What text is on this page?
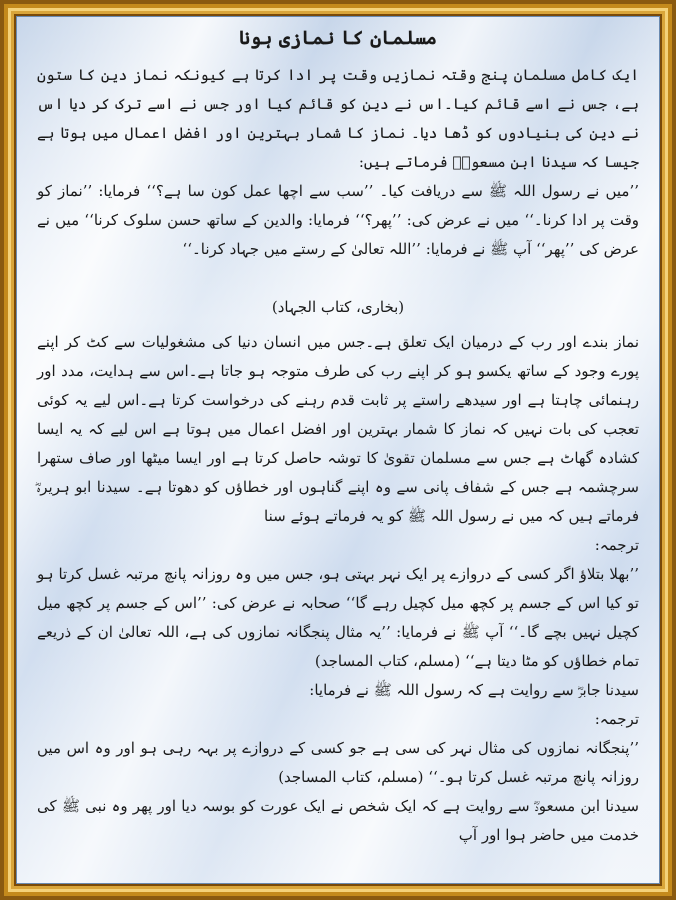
مسلمان کا نمازی ہونا

ایک کامل مسلمان پنج وقتہ نمازیں وقت پر ادا کرتا ہے کیونکہ نماز دین کا ستون ہے، جس نے اسے قائم کیا۔اس نے دین کو قائم کیا اور جس نے اسے ترک کر دیا اس نے دین کی بنیادوں کو ڈھا دیا۔ نماز کا شمار بہترین اور افضل اعمال میں ہوتا ہے جیسا کہ سیدنا ابن مسعودؓ فرماتے ہیں:

’’میں نے رسول اللہ ﷺ سے دریافت کیا۔ ’’سب سے اچھا عمل کون سا ہے؟‘‘ فرمایا: ’’نماز کو وقت پر ادا کرنا۔‘‘ میں نے عرض کی: ’’پھر؟‘‘ فرمایا: والدین کے ساتھ حسن سلوک کرنا‘‘ میں نے عرض کی ’’پھر‘‘ آپ ﷺ نے فرمایا: ’’اللہ تعالیٰ کے رستے میں جہاد کرنا۔‘‘

(بخاری، کتاب الجہاد)

نماز بندے اور رب کے درمیان ایک تعلق ہے۔جس میں انسان دنیا کی مشغولیات سے کٹ کر اپنے پورے وجود کے ساتھ یکسو ہو کر اپنے رب کی طرف متوجہ ہو جاتا ہے۔اس سے ہدایت، مدد اور رہنمائی چاہتا ہے اور سیدھے راستے پر ثابت قدم رہنے کی درخواست کرتا ہے۔اس لیے یہ کوئی تعجب کی بات نہیں کہ نماز کا شمار بہترین اور افضل اعمال میں ہوتا ہے اس لیے کہ یہ ایسا کشادہ گھاٹ ہے جس سے مسلمان تقویٰ کا توشہ حاصل کرتا ہے اور ایسا میٹھا اور صاف ستھرا سرچشمہ ہے جس کے شفاف پانی سے وہ اپنے گناہوں اور خطاؤں کو دھوتا ہے۔ سیدنا ابو ہریرہؓ فرماتے ہیں کہ میں نے رسول اللہ ﷺ کو یہ فرماتے ہوئے سنا

ترجمہ:

’’بھلا بتلاؤ اگر کسی کے دروازے پر ایک نہر بہتی ہو، جس میں وہ روزانہ پانچ مرتبہ غسل کرتا ہو تو کیا اس کے جسم پر کچھ میل کچیل رہے گا‘‘ صحابہ نے عرض کی: ’’اس کے جسم پر کچھ میل کچیل نہیں بچے گا۔‘‘ آپ ﷺ نے فرمایا: ’’یہ مثال پنجگانہ نمازوں کی ہے، اللہ تعالیٰ ان کے ذریعے تمام خطاؤں کو مٹا دیتا ہے‘‘ (مسلم، کتاب المساجد)

سیدنا جابرؓ سے روایت ہے کہ رسول اللہ ﷺ نے فرمایا:

ترجمہ:

’’پنجگانہ نمازوں کی مثال نہر کی سی ہے جو کسی کے دروازے پر بہہ رہی ہو اور وہ اس میں روزانہ پانچ مرتبہ غسل کرتا ہو۔‘‘ (مسلم، کتاب المساجد)

سیدنا ابن مسعودؓ سے روایت ہے کہ ایک شخص نے ایک عورت کو بوسہ دیا اور پھر وہ نبی ﷺ کی خدمت میں حاضر ہوا اور آپ
